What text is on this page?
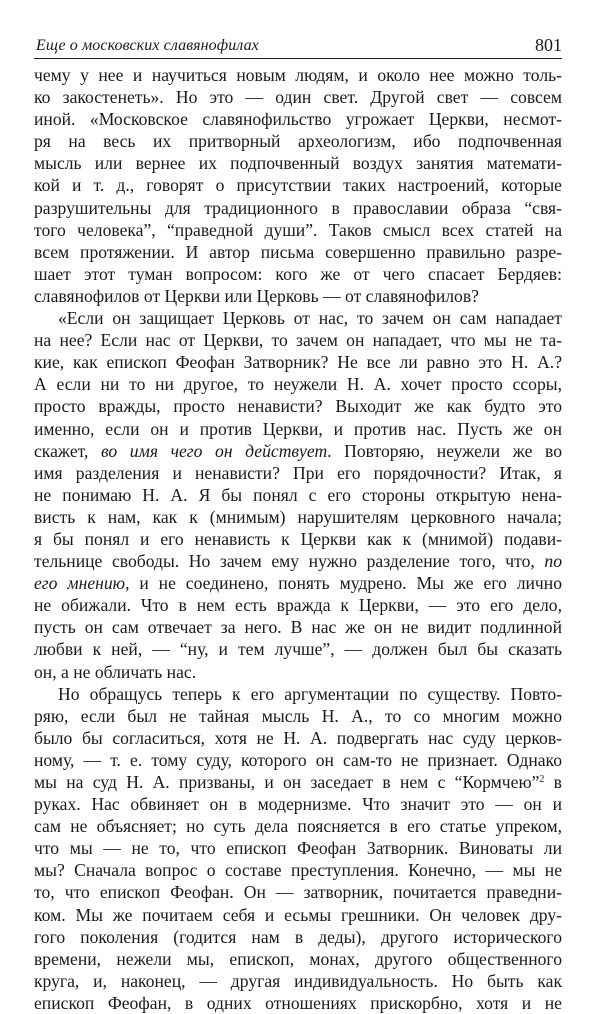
Еще о московских славянофилах	801
чему у нее и научиться новым людям, и около нее можно толь-
ко закостенеть». Но это — один свет. Другой свет — совсем
иной. «Московское славянофильство угрожает Церкви, несмот-
ря на весь их притворный археологизм, ибо подпочвенная
мысль или вернее их подпочвенный воздух занятия математи-
кой и т. д., говорят о присутствии таких настроений, которые
разрушительны для традиционного в православии образа “свя-
того человека”, “праведной души”. Таков смысл всех статей на
всем протяжении. И автор письма совершенно правильно разре-
шает этот туман вопросом: кого же от чего спасает Бердяев:
славянофилов от Церкви или Церковь — от славянофилов?
«Если он защищает Церковь от нас, то зачем он сам нападает
на нее? Если нас от Церкви, то зачем он нападает, что мы не та-
кие, как епископ Феофан Затворник? Не все ли равно это Н. А.?
А если ни то ни другое, то неужели Н. А. хочет просто ссоры,
просто вражды, просто ненависти? Выходит же как будто это
именно, если он и против Церкви, и против нас. Пусть же он
скажет, во имя чего он действует. Повторяю, неужели же во
имя разделения и ненависти? При его порядочности? Итак, я
не понимаю Н. А. Я бы понял с его стороны открытую нена-
висть к нам, как к (мнимым) нарушителям церковного начала;
я бы понял и его ненависть к Церкви как к (мнимой) подави-
тельнице свободы. Но зачем ему нужно разделение того, что, по
его мнению, и не соединено, понять мудрено. Мы же его лично
не обижали. Что в нем есть вражда к Церкви, — это его дело,
пусть он сам отвечает за него. В нас же он не видит подлинной
любви к ней, — “ну, и тем лучше”, — должен был бы сказать
он, а не обличать нас.
Но обращусь теперь к его аргументации по существу. Повто-
ряю, если был не тайная мысль Н. А., то со многим можно
было бы согласиться, хотя не Н. А. подвергать нас суду церков-
ному, — т. е. тому суду, которого он сам-то не признает. Однако
мы на суд Н. А. призваны, и он заседает в нем с “Кормчею”$^2$ в
руках. Нас обвиняет он в модернизме. Что значит это — он и
сам не объясняет; но суть дела поясняется в его статье упреком,
что мы — не то, что епископ Феофан Затворник. Виноваты ли
мы? Сначала вопрос о составе преступления. Конечно, — мы не
то, что епископ Феофан. Он — затворник, почитается праведни-
ком. Мы же почитаем себя и есьмы грешники. Он человек дру-
гого поколения (годится нам в деды), другого исторического
времени, нежели мы, епископ, монах, другого общественного
круга, и, наконец, — другая индивидуальность. Но быть как
епископ Феофан, в одних отношениях прискорбно, хотя и не
